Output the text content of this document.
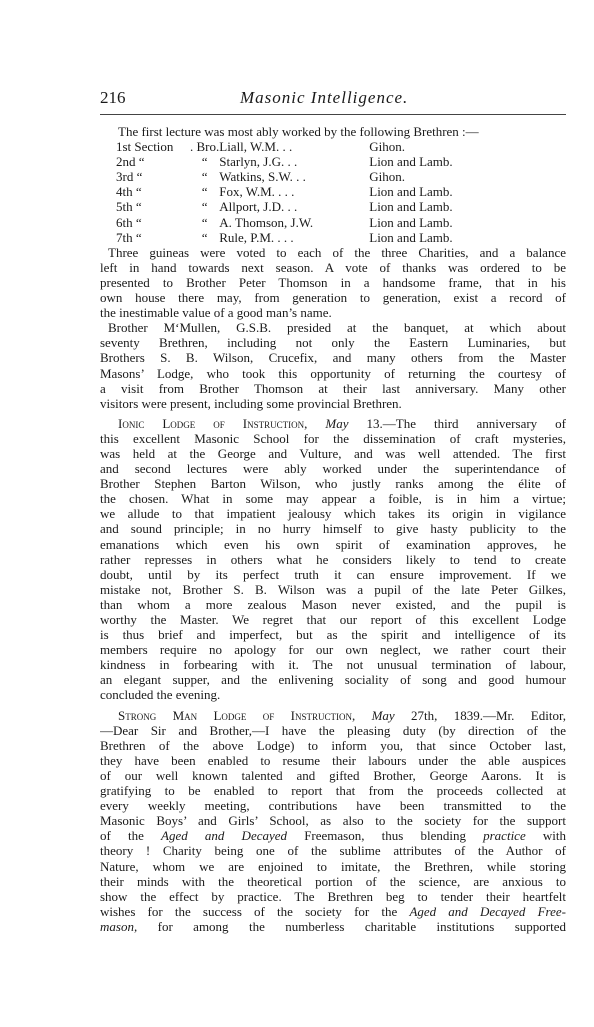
216	Masonic Intelligence.
The first lecture was most ably worked by the following Brethren :—
1st Section	. Bro.	Liall, W.M. . .	Gihon.
2nd “	“	Starlyn, J.G. . .	Lion and Lamb.
3rd “	“	Watkins, S.W. . .	Gihon.
4th “	“	Fox, W.M. . . .	Lion and Lamb.
5th “	“	Allport, J.D. . .	Lion and Lamb.
6th “	“	A. Thomson, J.W.	Lion and Lamb.
7th “	“	Rule, P.M. . . .	Lion and Lamb.
Three guineas were voted to each of the three Charities, and a balance
left in hand towards next season. A vote of thanks was ordered to be
presented to Brother Peter Thomson in a handsome frame, that in his
own house there may, from generation to generation, exist a record of
the inestimable value of a good man’s name.
Brother M‘Mullen, G.S.B. presided at the banquet, at which about
seventy Brethren, including not only the Eastern Luminaries, but
Brothers S. B. Wilson, Crucefix, and many others from the Master
Masons’ Lodge, who took this opportunity of returning the courtesy of
a visit from Brother Thomson at their last anniversary. Many other
visitors were present, including some provincial Brethren.
Ionic Lodge of Instruction, May 13.—The third anniversary of
this excellent Masonic School for the dissemination of craft mysteries,
was held at the George and Vulture, and was well attended. The first
and second lectures were ably worked under the superintendance of
Brother Stephen Barton Wilson, who justly ranks among the élite of
the chosen. What in some may appear a foible, is in him a virtue;
we allude to that impatient jealousy which takes its origin in vigilance
and sound principle; in no hurry himself to give hasty publicity to the
emanations which even his own spirit of examination approves, he
rather represses in others what he considers likely to tend to create
doubt, until by its perfect truth it can ensure improvement. If we
mistake not, Brother S. B. Wilson was a pupil of the late Peter Gilkes,
than whom a more zealous Mason never existed, and the pupil is
worthy the Master. We regret that our report of this excellent Lodge
is thus brief and imperfect, but as the spirit and intelligence of its
members require no apology for our own neglect, we rather court their
kindness in forbearing with it. The not unusual termination of labour,
an elegant supper, and the enlivening sociality of song and good humour
concluded the evening.
Strong Man Lodge of Instruction, May 27th, 1839.—Mr. Editor,
—Dear Sir and Brother,—I have the pleasing duty (by direction of the
Brethren of the above Lodge) to inform you, that since October last,
they have been enabled to resume their labours under the able auspices
of our well known talented and gifted Brother, George Aarons. It is
gratifying to be enabled to report that from the proceeds collected at
every weekly meeting, contributions have been transmitted to the
Masonic Boys’ and Girls’ School, as also to the society for the support
of the Aged and Decayed Freemason, thus blending practice with
theory ! Charity being one of the sublime attributes of the Author of
Nature, whom we are enjoined to imitate, the Brethren, while storing
their minds with the theoretical portion of the science, are anxious to
show the effect by practice. The Brethren beg to tender their heartfelt
wishes for the success of the society for the Aged and Decayed Free-
mason, for among the numberless charitable institutions supported
